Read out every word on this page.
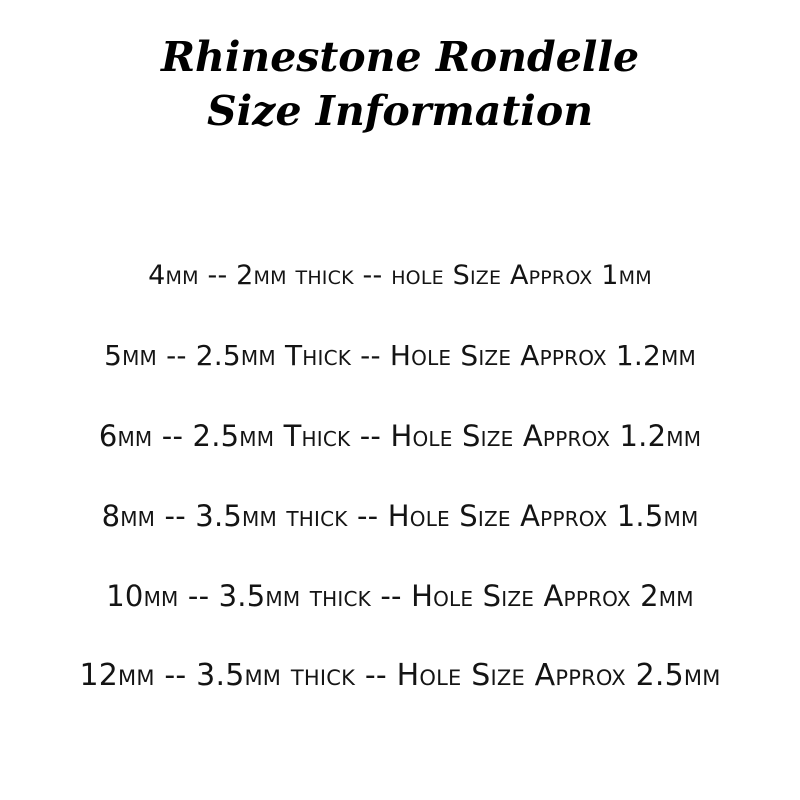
Rhinestone Rondelle
Size Information
4mm -- 2mm thick -- hole Size Approx 1mm
5mm -- 2.5mm Thick -- Hole Size Approx 1.2mm
6mm -- 2.5mm Thick -- Hole Size Approx 1.2mm
8mm -- 3.5mm thick -- Hole Size Approx 1.5mm
10mm -- 3.5mm thick -- Hole Size Approx 2mm
12mm -- 3.5mm thick -- Hole Size Approx 2.5mm
